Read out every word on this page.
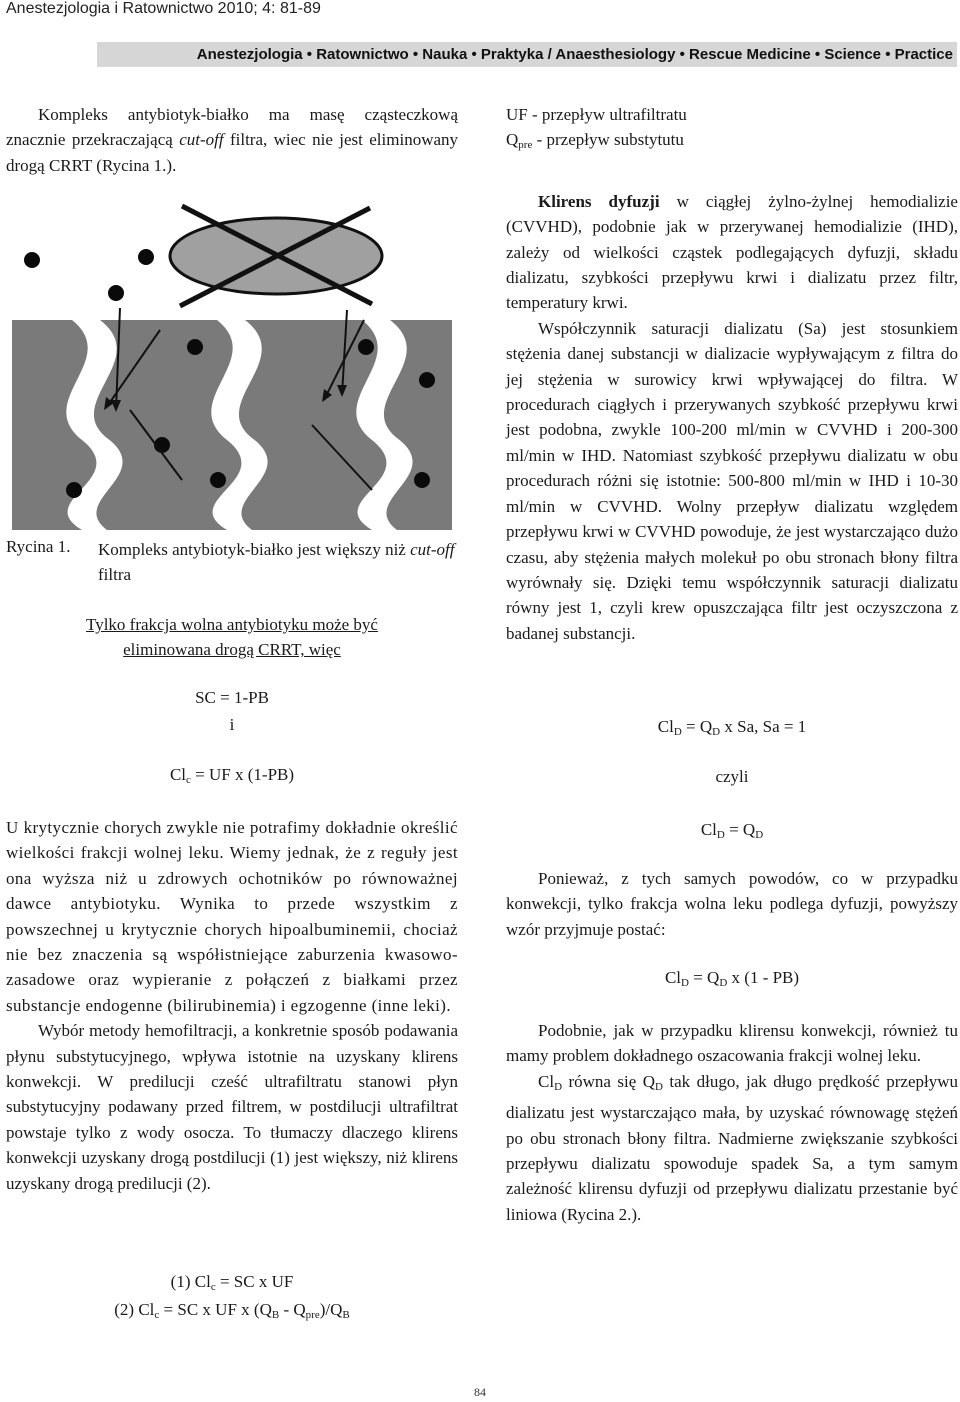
Anestezjologia i Ratownictwo 2010; 4: 81-89
Anestezjologia • Ratownictwo • Nauka • Praktyka / Anaesthesiology • Rescue Medicine • Science • Practice

Kompleks antybiotyk-białko ma masę cząsteczkową znacznie przekraczającą cut-off filtra, wiec nie jest eliminowany drogą CRRT (Rycina 1.).

Rycina 1. Kompleks antybiotyk-białko jest większy niż cut-off filtra
Tylko frakcja wolna antybiotyku może być
eliminowana drogą CRRT, więc
SC = 1-PB
i
$Cl_c$ = UF x (1-PB)

U krytycznie chorych zwykle nie potrafimy dokładnie określić wielkości frakcji wolnej leku. Wiemy jednak, że z reguły jest ona wyższa niż u zdrowych ochotników po równoważnej dawce antybiotyku. Wynika to przede wszystkim z powszechnej u krytycznie chorych hipoalbuminemii, chociaż nie bez znaczenia są współistniejące zaburzenia kwasowo-zasadowe oraz wypieranie z połączeń z białkami przez substancje endogenne (bilirubinemia) i egzogenne (inne leki).

Wybór metody hemofiltracji, a konkretnie sposób podawania płynu substytucyjnego, wpływa istotnie na uzyskany klirens konwekcji. W predilucji cześć ultrafiltratu stanowi płyn substytucyjny podawany przed filtrem, w postdilucji ultrafiltrat powstaje tylko z wody osocza. To tłumaczy dlaczego klirens konwekcji uzyskany drogą postdilucji (1) jest większy, niż klirens uzyskany drogą predilucji (2).

(1) $Cl_c$ = SC x UF
(2) $Cl_c$ = SC x UF x $(Q_B - Q_{pre})/Q_B$

UF - przepływ ultrafiltratu

$Q_{pre}$ - przepływ substytutu

Klirens dyfuzji w ciągłej żylno-żylnej hemodializie (CVVHD), podobnie jak w przerywanej hemodializie (IHD), zależy od wielkości cząstek podlegających dyfuzji, składu dializatu, szybkości przepływu krwi i dializatu przez filtr, temperatury krwi.

Współczynnik saturacji dializatu (Sa) jest stosunkiem stężenia danej substancji w dializacie wypływającym z filtra do jej stężenia w surowicy krwi wpływającej do filtra. W procedurach ciągłych i przerywanych szybkość przepływu krwi jest podobna, zwykle 100-200 ml/min w CVVHD i 200-300 ml/min w IHD. Natomiast szybkość przepływu dializatu w obu procedurach różni się istotnie: 500-800 ml/min w IHD i 10-30 ml/min w CVVHD. Wolny przepływ dializatu względem przepływu krwi w CVVHD powoduje, że jest wystarczająco dużo czasu, aby stężenia małych molekuł po obu stronach błony filtra wyrównały się. Dzięki temu współczynnik saturacji dializatu równy jest 1, czyli krew opuszczająca filtr jest oczyszczona z badanej substancji.

$Cl_D = Q_D$ x Sa, Sa = 1
czyli
$Cl_D = Q_D$

Ponieważ, z tych samych powodów, co w przypadku konwekcji, tylko frakcja wolna leku podlega dyfuzji, powyższy wzór przyjmuje postać:

$Cl_D = Q_D$ x (1 - PB)

Podobnie, jak w przypadku klirensu konwekcji, również tu mamy problem dokładnego oszacowania frakcji wolnej leku.

$Cl_D$ równa się $Q_D$ tak długo, jak długo prędkość przepływu dializatu jest wystarczająco mała, by uzyskać równowagę stężeń po obu stronach błony filtra. Nadmierne zwiększanie szybkości przepływu dializatu spowoduje spadek Sa, a tym samym zależność klirensu dyfuzji od przepływu dializatu przestanie być liniowa (Rycina 2.).

84
